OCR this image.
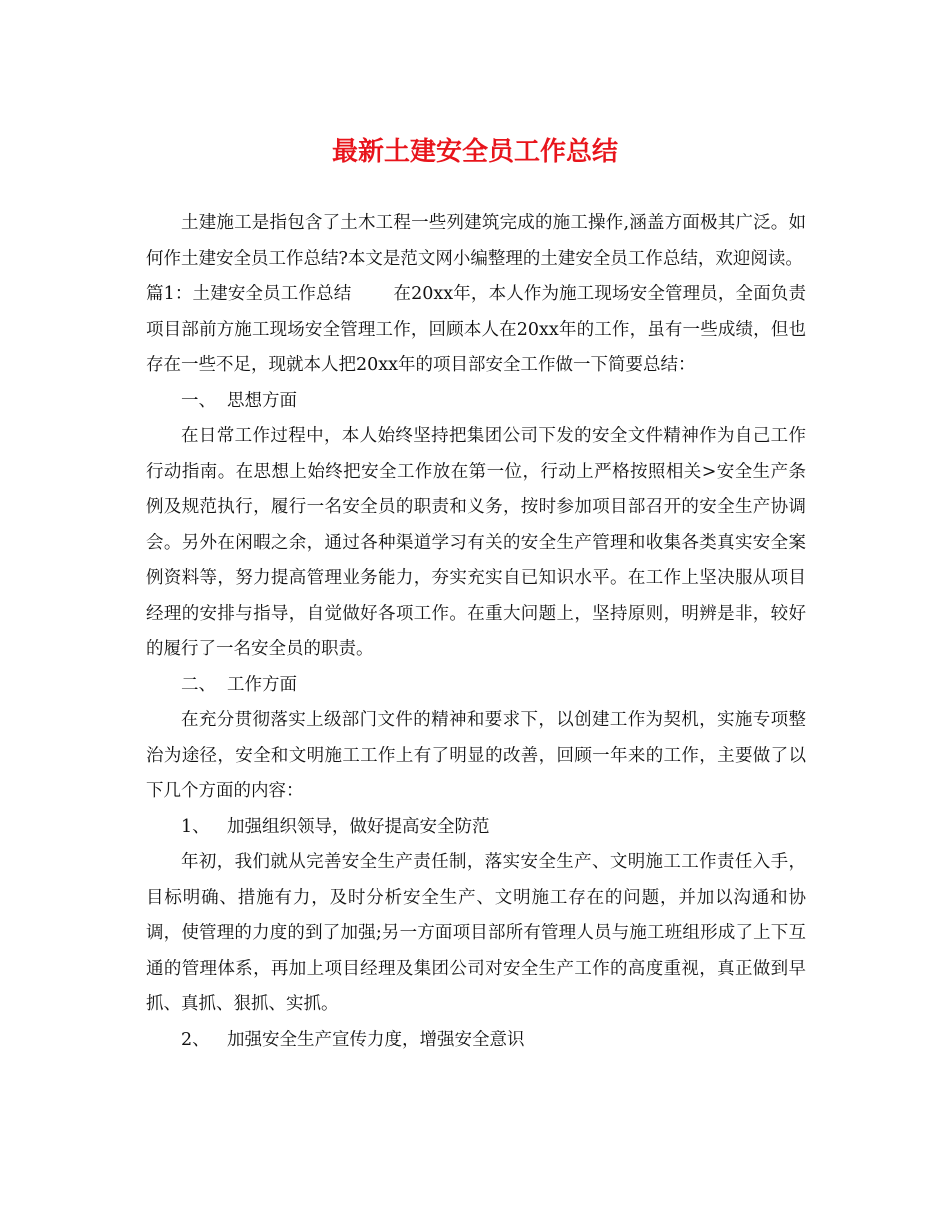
最新土建安全员工作总结

土建施工是指包含了土木工程一些列建筑完成的施工操作,涵盖方面极其广泛。如何作土建安全员工作总结?本文是范文网小编整理的土建安全员工作总结，欢迎阅读。

篇1：土建安全员工作总结 在20xx年，本人作为施工现场安全管理员，全面负责项目部前方施工现场安全管理工作，回顾本人在20xx年的工作，虽有一些成绩，但也存在一些不足，现就本人把20xx年的项目部安全工作做一下简要总结：

一、 思想方面

在日常工作过程中，本人始终坚持把集团公司下发的安全文件精神作为自己工作行动指南。在思想上始终把安全工作放在第一位，行动上严格按照相关>安全生产条例及规范执行，履行一名安全员的职责和义务，按时参加项目部召开的安全生产协调会。另外在闲暇之余，通过各种渠道学习有关的安全生产管理和收集各类真实安全案例资料等，努力提高管理业务能力，夯实充实自已知识水平。在工作上坚决服从项目经理的安排与指导，自觉做好各项工作。在重大问题上，坚持原则，明辨是非，较好的履行了一名安全员的职责。

二、 工作方面

在充分贯彻落实上级部门文件的精神和要求下，以创建工作为契机，实施专项整治为途径，安全和文明施工工作上有了明显的改善，回顾一年来的工作，主要做了以下几个方面的内容：

1、 加强组织领导，做好提高安全防范

年初，我们就从完善安全生产责任制，落实安全生产、文明施工工作责任入手，目标明确、措施有力，及时分析安全生产、文明施工存在的问题，并加以沟通和协调，使管理的力度的到了加强;另一方面项目部所有管理人员与施工班组形成了上下互通的管理体系，再加上项目经理及集团公司对安全生产工作的高度重视，真正做到早抓、真抓、狠抓、实抓。

2、 加强安全生产宣传力度，增强安全意识
